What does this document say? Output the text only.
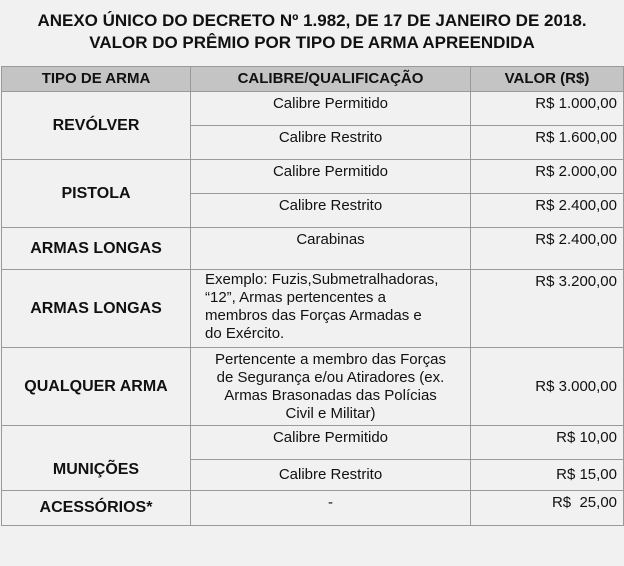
ANEXO ÚNICO DO DECRETO Nº 1.982, DE 17 DE JANEIRO DE 2018.
VALOR DO PRÊMIO POR TIPO DE ARMA APREENDIDA
TIPO DE ARMA	CALIBRE/QUALIFICAÇÃO	VALOR (R$)
REVÓLVER	Calibre Permitido	R$ 1.000,00
	Calibre Restrito	R$ 1.600,00
PISTOLA	Calibre Permitido	R$ 2.000,00
	Calibre Restrito	R$ 2.400,00
ARMAS LONGAS	Carabinas	R$ 2.400,00
ARMAS LONGAS	Exemplo: Fuzis,Submetralhadoras,
“12”, Armas pertencentes a
membros das Forças Armadas e
do Exército.	R$ 3.200,00
QUALQUER ARMA	Pertencente a membro das Forças
de Segurança e/ou Atiradores (ex.
Armas Brasonadas das Polícias
Civil e Militar)	R$ 3.000,00
MUNIÇÕES	Calibre Permitido	R$ 10,00
	Calibre Restrito	R$ 15,00
ACESSÓRIOS*	-	R$  25,00
